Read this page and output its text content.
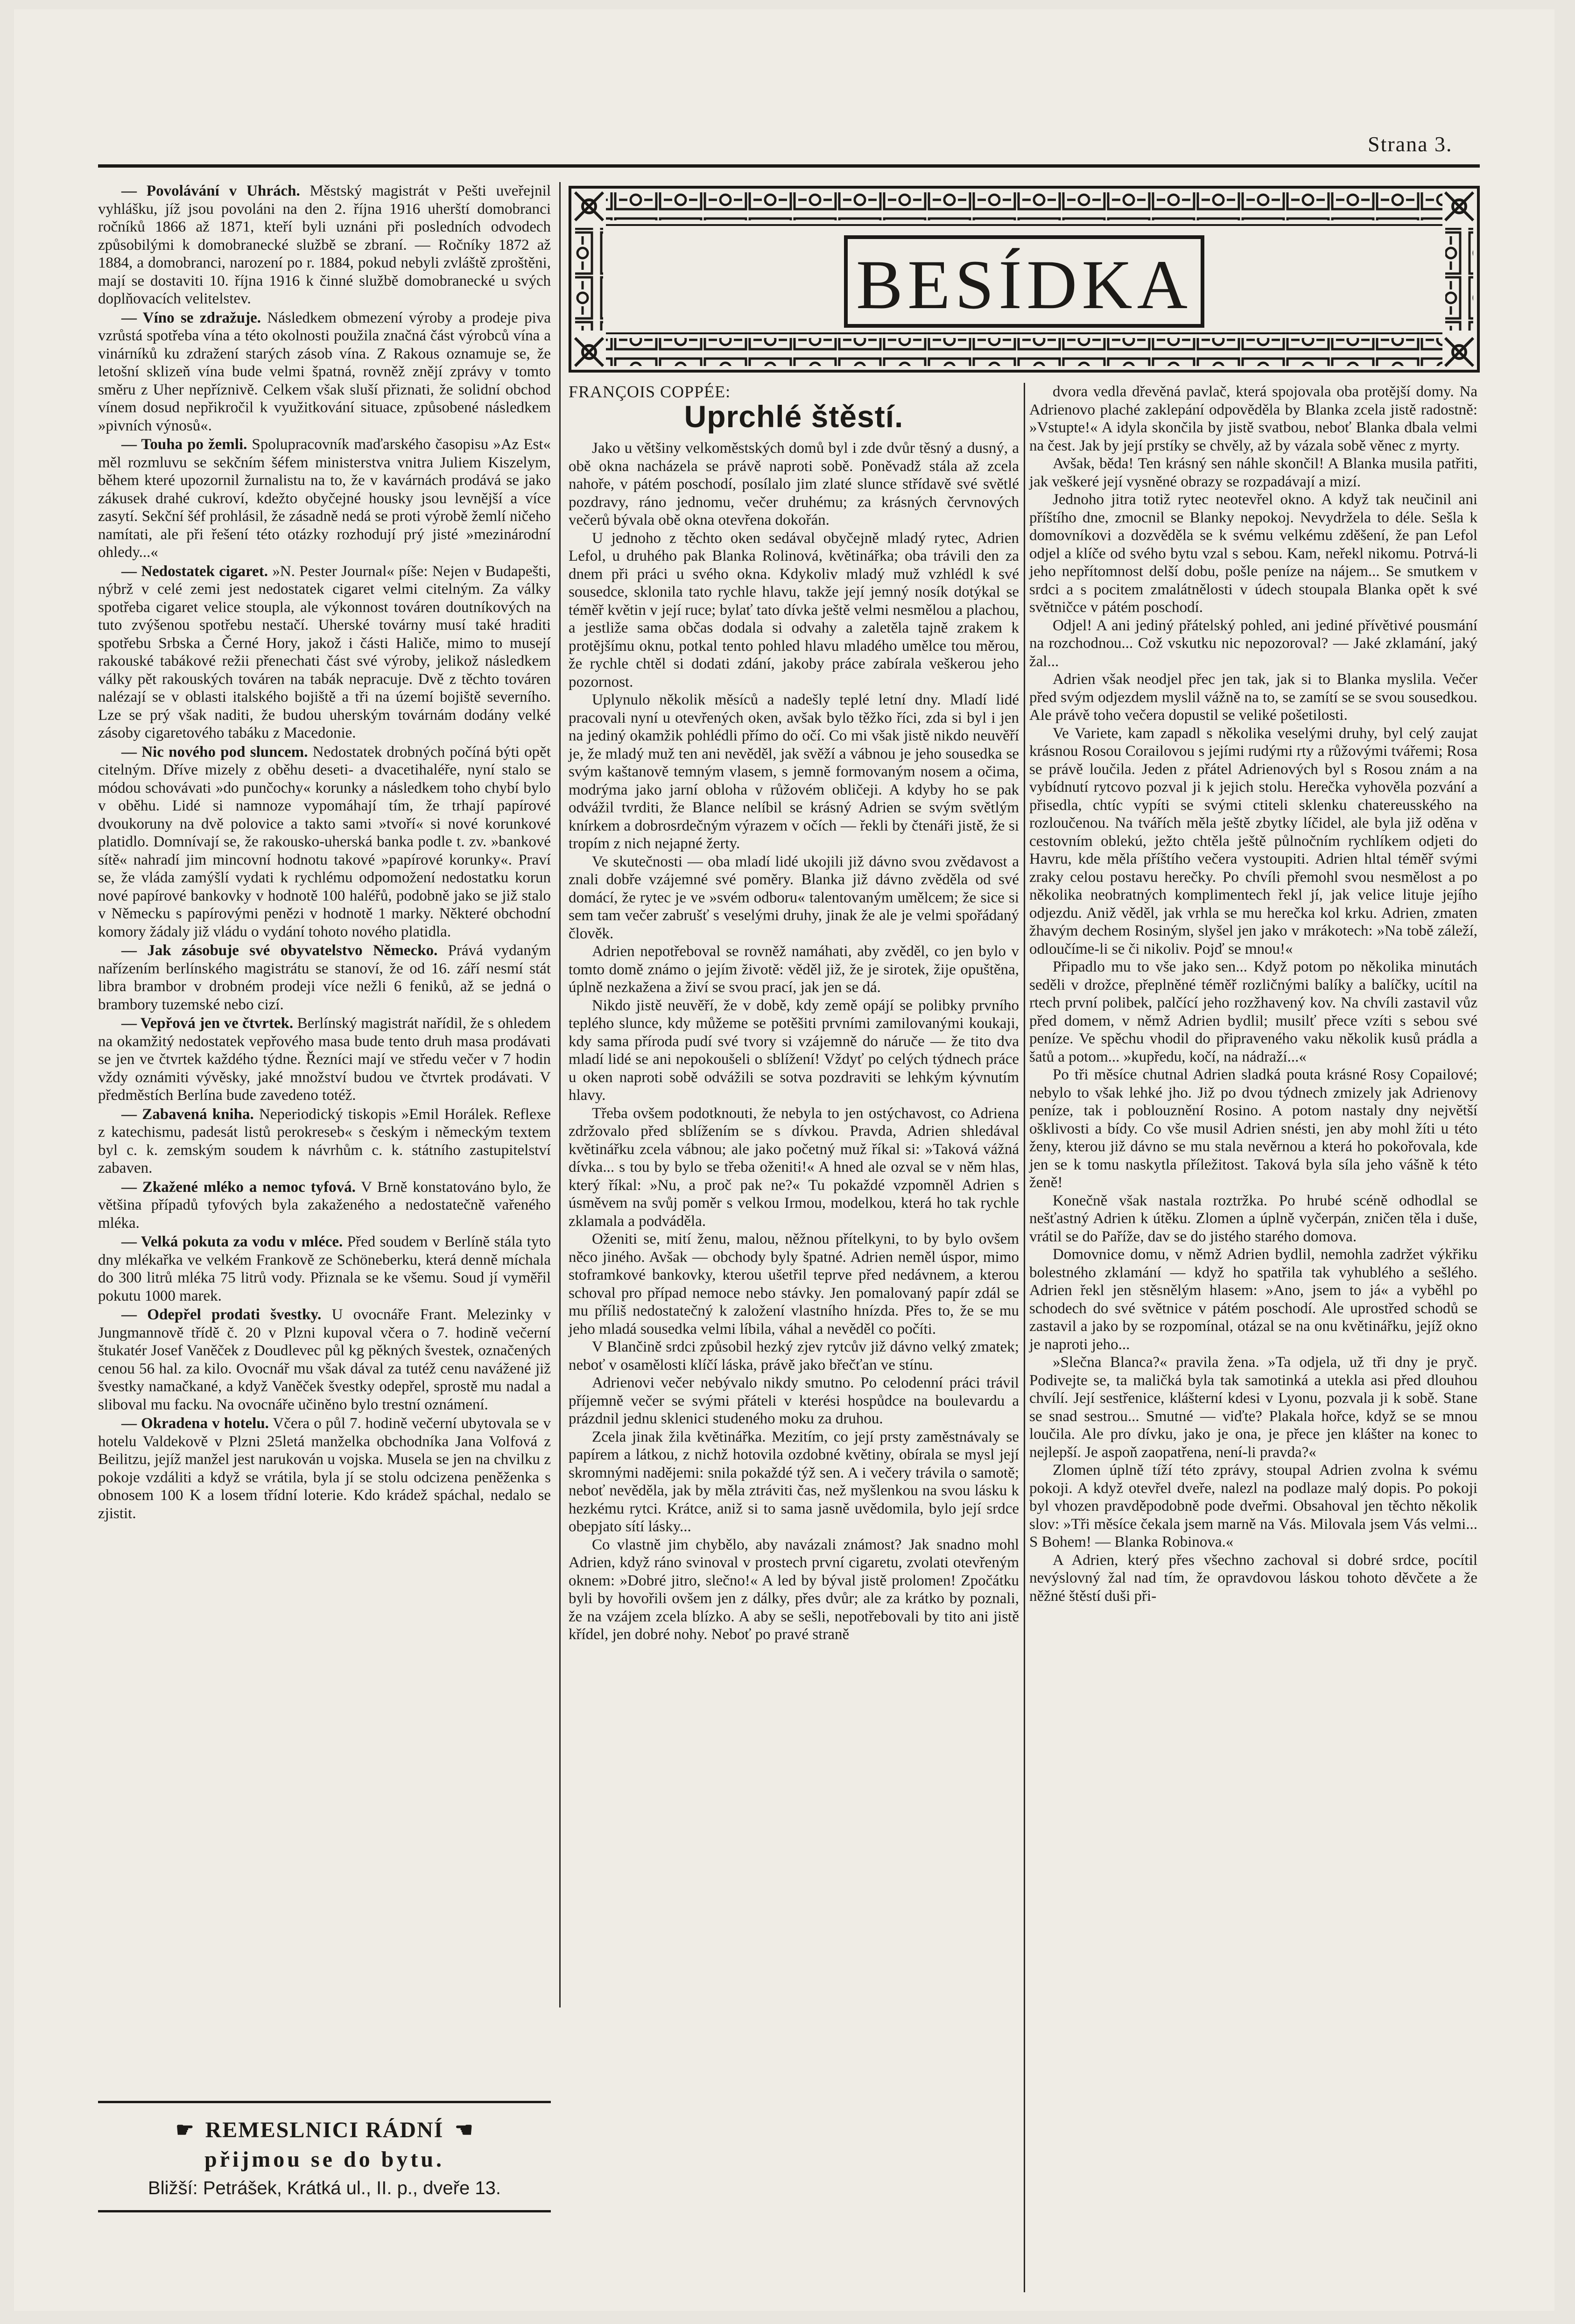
Strana 3.

— Povolávání v Uhrách. Městský magistrát v Pešti uveřejnil vyhlášku, jíž jsou povoláni na den 2. října 1916 uherští domobranci ročníků 1866 až 1871, kteří byli uznáni při posledních odvodech způsobilými k domobranecké službě se zbraní. — Ročníky 1872 až 1884, a domobranci, narození po r. 1884, pokud nebyli zvláště zproštěni, mají se dostaviti 10. října 1916 k činné službě domobranecké u svých doplňovacích velitelstev.

— Víno se zdražuje. Následkem obmezení výroby a prodeje piva vzrůstá spotřeba vína a této okolnosti použila značná část výrobců vína a vinárníků ku zdražení starých zásob vína. Z Rakous oznamuje se, že letošní sklizeň vína bude velmi špatná, rovněž znějí zprávy v tomto směru z Uher nepříznivě. Celkem však sluší přiznati, že solidní obchod vínem dosud nepřikročil k využitkování situace, způsobené následkem »pivních výnosů«.

— Touha po žemli. Spolupracovník maďarského časopisu »Az Est« měl rozmluvu se sekčním šéfem ministerstva vnitra Juliem Kiszelym, během které upozornil žurnalistu na to, že v kavárnách prodává se jako zákusek drahé cukroví, kdežto obyčejné housky jsou levnější a více zasytí. Sekční šéf prohlásil, že zásadně nedá se proti výrobě žemlí ničeho namítati, ale při řešení této otázky rozhodují prý jisté »mezinárodní ohledy...«

— Nedostatek cigaret. »N. Pester Journal« píše: Nejen v Budapešti, nýbrž v celé zemi jest nedostatek cigaret velmi citelným. Za války spotřeba cigaret velice stoupla, ale výkonnost továren doutníkových na tuto zvýšenou spotřebu nestačí. Uherské továrny musí také hraditi spotřebu Srbska a Černé Hory, jakož i části Haliče, mimo to musejí rakouské tabákové režii přenechati část své výroby, jelikož následkem války pět rakouských továren na tabák nepracuje. Dvě z těchto továren nalézají se v oblasti italského bojiště a tři na území bojiště severního. Lze se prý však naditi, že budou uherským továrnám dodány velké zásoby cigaretového tabáku z Macedonie.

— Nic nového pod sluncem. Nedostatek drobných počíná býti opět citelným. Dříve mizely z oběhu deseti- a dvacetihaléře, nyní stalo se módou schovávati »do punčochy« korunky a následkem toho chybí bylo v oběhu. Lidé si namnoze vypomáhají tím, že trhají papírové dvoukoruny na dvě polovice a takto sami »tvoří« si nové korunkové platidlo. Domnívají se, že rakousko-uherská banka podle t. zv. »bankové sítě« nahradí jim mincovní hodnotu takové »papírové korunky«. Praví se, že vláda zamýšlí vydati k rychlému odpomožení nedostatku korun nové papírové bankovky v hodnotě 100 haléřů, podobně jako se již stalo v Německu s papírovými penězi v hodnotě 1 marky. Některé obchodní komory žádaly již vládu o vydání tohoto nového platidla.

— Jak zásobuje své obyvatelstvo Německo. Prává vydaným nařízením berlínského magistrátu se stanoví, že od 16. září nesmí stát libra brambor v drobném prodeji více nežli 6 feniků, až se jedná o brambory tuzemské nebo cizí.

— Vepřová jen ve čtvrtek. Berlínský magistrát nařídil, že s ohledem na okamžitý nedostatek vepřového masa bude tento druh masa prodávati se jen ve čtvrtek každého týdne. Řezníci mají ve středu večer v 7 hodin vždy oznámiti vývěsky, jaké množství budou ve čtvrtek prodávati. V předměstích Berlína bude zavedeno totéž.

— Zabavená kniha. Neperiodický tiskopis »Emil Horálek. Reflexe z katechismu, padesát listů perokreseb« s českým i německým textem byl c. k. zemským soudem k návrhům c. k. státního zastupitelství zabaven.

— Zkažené mléko a nemoc tyfová. V Brně konstatováno bylo, že většina případů tyfových byla zakaženého a nedostatečně vařeného mléka.

— Velká pokuta za vodu v mléce. Před soudem v Berlíně stála tyto dny mlékařka ve velkém Frankově ze Schöneberku, která denně míchala do 300 litrů mléka 75 litrů vody. Přiznala se ke všemu. Soud jí vyměřil pokutu 1000 marek.

— Odepřel prodati švestky. U ovocnáře Frant. Melezinky v Jungmannově třídě č. 20 v Plzni kupoval včera o 7. hodině večerní štukatér Josef Vaněček z Doudlevec půl kg pěkných švestek, označených cenou 56 hal. za kilo. Ovocnář mu však dával za tutéž cenu navážené již švestky namačkané, a když Vaněček švestky odepřel, sprostě mu nadal a sliboval mu facku. Na ovocnáře učiněno bylo trestní oznámení.

— Okradena v hotelu. Včera o půl 7. hodině večerní ubytovala se v hotelu Valdekově v Plzni 25letá manželka obchodníka Jana Volfová z Beilitzu, jejíž manžel jest narukován u vojska. Musela se jen na chvilku z pokoje vzdáliti a když se vrátila, byla jí se stolu odcizena peněženka s obnosem 100 K a losem třídní loterie. Kdo krádež spáchal, nedalo se zjistit.

☛ REMESLNICI RÁDNÍ ☛
přijmou se do bytu.
Bližší: Petrášek, Krátká ul., II. p., dveře 13.
BESÍDKA
FRANÇOIS COPPÉE:
Uprchlé štěstí.

Jako u většiny velkoměstských domů byl i zde dvůr těsný a dusný, a obě okna nacházela se právě naproti sobě. Poněvadž stála až zcela nahoře, v pátém poschodí, posílalo jim zlaté slunce střídavě své světlé pozdravy, ráno jednomu, večer druhému; za krásných červnových večerů bývala obě okna otevřena dokořán.

U jednoho z těchto oken sedával obyčejně mladý rytec, Adrien Lefol, u druhého pak Blanka Rolinová, květinářka; oba trávili den za dnem při práci u svého okna. Kdykoliv mladý muž vzhlédl k své sousedce, sklonila tato rychle hlavu, takže její jemný nosík dotýkal se téměř květin v její ruce; bylať tato dívka ještě velmi nesmělou a plachou, a jestliže sama občas dodala si odvahy a zaletěla tajně zrakem k protějšímu oknu, potkal tento pohled hlavu mladého umělce tou měrou, že rychle chtěl si dodati zdání, jakoby práce zabírala veškerou jeho pozornost.

Uplynulo několik měsíců a nadešly teplé letní dny. Mladí lidé pracovali nyní u otevřených oken, avšak bylo těžko říci, zda si byl i jen na jediný okamžik pohlédli přímo do očí. Co mi však jistě nikdo neuvěří je, že mladý muž ten ani nevěděl, jak svěží a vábnou je jeho sousedka se svým kaštanově temným vlasem, s jemně formovaným nosem a očima, modrýma jako jarní obloha v růžovém obličeji. A kdyby ho se pak odvážil tvrditi, že Blance nelíbil se krásný Adrien se svým světlým knírkem a dobrosrdečným výrazem v očích — řekli by čtenáři jistě, že si tropím z nich nejapné žerty.

Ve skutečnosti — oba mladí lidé ukojili již dávno svou zvědavost a znali dobře vzájemné své poměry. Blanka již dávno zvěděla od své domácí, že rytec je ve »svém odboru« talentovaným umělcem; že sice si sem tam večer zabrušť s veselými druhy, jinak že ale je velmi spořádaný člověk.

Adrien nepotřeboval se rovněž namáhati, aby zvěděl, co jen bylo v tomto domě známo o jejím životě: věděl již, že je sirotek, žije opuštěna, úplně nezkažena a živí se svou prací, jak jen se dá.

Nikdo jistě neuvěří, že v době, kdy země opájí se polibky prvního teplého slunce, kdy můžeme se potěšiti prvními zamilovanými koukaji, kdy sama příroda pudí své tvory si vzájemně do náruče — že tito dva mladí lidé se ani nepokoušeli o sblížení! Vždyť po celých týdnech práce u oken naproti sobě odvážili se sotva pozdraviti se lehkým kývnutím hlavy.

Třeba ovšem podotknouti, že nebyla to jen ostýchavost, co Adriena zdržovalo před sblížením se s dívkou. Pravda, Adrien shledával květinářku zcela vábnou; ale jako početný muž říkal si: »Taková vážná dívka... s tou by bylo se třeba oženiti!« A hned ale ozval se v něm hlas, který říkal: »Nu, a proč pak ne?« Tu pokaždé vzpomněl Adrien s úsměvem na svůj poměr s velkou Irmou, modelkou, která ho tak rychle zklamala a podváděla.

Oženiti se, mití ženu, malou, něžnou přítelkyni, to by bylo ovšem něco jiného. Avšak — obchody byly špatné. Adrien neměl úspor, mimo stoframkové bankovky, kterou ušetřil teprve před nedávnem, a kterou schoval pro případ nemoce nebo stávky. Jen pomalovaný papír zdál se mu příliš nedostatečný k založení vlastního hnízda. Přes to, že se mu jeho mladá sousedka velmi líbila, váhal a nevěděl co počíti.

V Blančině srdci způsobil hezký zjev rytcův již dávno velký zmatek; neboť v osamělosti klíčí láska, právě jako břečťan ve stínu.

Adrienovi večer nebývalo nikdy smutno. Po celodenní práci trávil příjemně večer se svými přáteli v kterési hospůdce na boulevardu a prázdnil jednu sklenici studeného moku za druhou.

Zcela jinak žila květinářka. Mezitím, co její prsty zaměstnávaly se papírem a látkou, z nichž hotovila ozdobné květiny, obírala se mysl její skromnými nadějemi: snila pokaždé týž sen. A i večery trávila o samotě; neboť nevěděla, jak by měla ztráviti čas, než myšlenkou na svou lásku k hezkému rytci. Krátce, aniž si to sama jasně uvědomila, bylo její srdce obepjato sítí lásky...

Co vlastně jim chybělo, aby navázali známost? Jak snadno mohl Adrien, když ráno svinoval v prostech první cigaretu, zvolati otevřeným oknem: »Dobré jitro, slečno!« A led by býval jistě prolomen! Zpočátku byli by hovořili ovšem jen z dálky, přes dvůr; ale za krátko by poznali, že na vzájem zcela blízko. A aby se sešli, nepotřebovali by tito ani jistě křídel, jen dobré nohy. Neboť po pravé straně

dvora vedla dřevěná pavlač, která spojovala oba protější domy. Na Adrienovo plaché zaklepání odpověděla by Blanka zcela jistě radostně: »Vstupte!« A idyla skončila by jistě svatbou, neboť Blanka dbala velmi na čest. Jak by její prstíky se chvěly, až by vázala sobě věnec z myrty.

Avšak, běda! Ten krásný sen náhle skončil! A Blanka musila patřiti, jak veškeré její vysněné obrazy se rozpadávají a mizí.

Jednoho jitra totiž rytec neotevřel okno. A když tak neučinil ani příštího dne, zmocnil se Blanky nepokoj. Nevydržela to déle. Sešla k domovníkovi a dozvěděla se k svému velkému zděšení, že pan Lefol odjel a klíče od svého bytu vzal s sebou. Kam, neřekl nikomu. Potrvá-li jeho nepřítomnost delší dobu, pošle peníze na nájem... Se smutkem v srdci a s pocitem zmalátnělosti v údech stoupala Blanka opět k své světničce v pátém poschodí.

Odjel! A ani jediný přátelský pohled, ani jediné přívětivé pousmání na rozchodnou... Což vskutku nic nepozoroval? — Jaké zklamání, jaký žal...

Adrien však neodjel přec jen tak, jak si to Blanka myslila. Večer před svým odjezdem myslil vážně na to, se zamítí se se svou sousedkou. Ale právě toho večera dopustil se veliké pošetilosti.

Ve Variete, kam zapadl s několika veselými druhy, byl celý zaujat krásnou Rosou Corailovou s jejími rudými rty a růžovými tvářemi; Rosa se právě loučila. Jeden z přátel Adrienových byl s Rosou znám a na vybídnutí rytcovo pozval ji k jejich stolu. Herečka vyhověla pozvání a přisedla, chtíc vypíti se svými ctiteli sklenku chatereusského na rozloučenou. Na tvářích měla ještě zbytky líčidel, ale byla již oděna v cestovním oblekú, ježto chtěla ještě půlnočním rychlíkem odjeti do Havru, kde měla příštího večera vystoupiti. Adrien hltal téměř svými zraky celou postavu herečky. Po chvíli přemohl svou nesmělost a po několika neobratných komplimentech řekl jí, jak velice lituje jejího odjezdu. Aniž věděl, jak vrhla se mu herečka kol krku. Adrien, zmaten žhavým dechem Rosiným, slyšel jen jako v mrákotech: »Na tobě záleží, odloučíme-li se či nikoliv. Pojď se mnou!«

Připadlo mu to vše jako sen... Když potom po několika minutách seděli v drožce, přeplněné téměř rozličnými balíky a balíčky, ucítil na rtech první polibek, palčící jeho rozžhavený kov. Na chvíli zastavil vůz před domem, v němž Adrien bydlil; musilť přece vzíti s sebou své peníze. Ve spěchu vhodil do připraveného vaku několik kusů prádla a šatů a potom... »kupředu, kočí, na nádraží...«

Po tři měsíce chutnal Adrien sladká pouta krásné Rosy Copailové; nebylo to však lehké jho. Již po dvou týdnech zmizely jak Adrienovy peníze, tak i poblouznění Rosino. A potom nastaly dny největší ošklivosti a bídy. Co vše musil Adrien snésti, jen aby mohl žíti u této ženy, kterou již dávno se mu stala nevěrnou a která ho pokořovala, kde jen se k tomu naskytla příležitost. Taková byla síla jeho vášně k této ženě!

Konečně však nastala roztržka. Po hrubé scéně odhodlal se nešťastný Adrien k útěku. Zlomen a úplně vyčerpán, zničen těla i duše, vrátil se do Paříže, dav se do jistého starého domova.

Domovnice domu, v němž Adrien bydlil, nemohla zadržet výkřiku bolestného zklamání — když ho spatřila tak vyhublého a sešlého. Adrien řekl jen stěsnělým hlasem: »Ano, jsem to já« a vyběhl po schodech do své světnice v pátém poschodí. Ale uprostřed schodů se zastavil a jako by se rozpomínal, otázal se na onu květinářku, jejíž okno je naproti jeho...

»Slečna Blanca?« pravila žena. »Ta odjela, už tři dny je pryč. Podivejte se, ta maličká byla tak samotinká a utekla asi před dlouhou chvílí. Její sestřenice, klášterní kdesi v Lyonu, pozvala ji k sobě. Stane se snad sestrou... Smutné — viďte? Plakala hořce, když se se mnou loučila. Ale pro dívku, jako je ona, je přece jen klášter na konec to nejlepší. Je aspoň zaopatřena, není-li pravda?«

Zlomen úplně tíží této zprávy, stoupal Adrien zvolna k svému pokoji. A když otevřel dveře, nalezl na podlaze malý dopis. Po pokoji byl vhozen pravděpodobně pode dveřmi. Obsahoval jen těchto několik slov: »Tři měsíce čekala jsem marně na Vás. Milovala jsem Vás velmi... S Bohem! — Blanka Robinova.«

A Adrien, který přes všechno zachoval si dobré srdce, pocítil nevýslovný žal nad tím, že opravdovou láskou tohoto děvčete a že něžné štěstí duši při-
